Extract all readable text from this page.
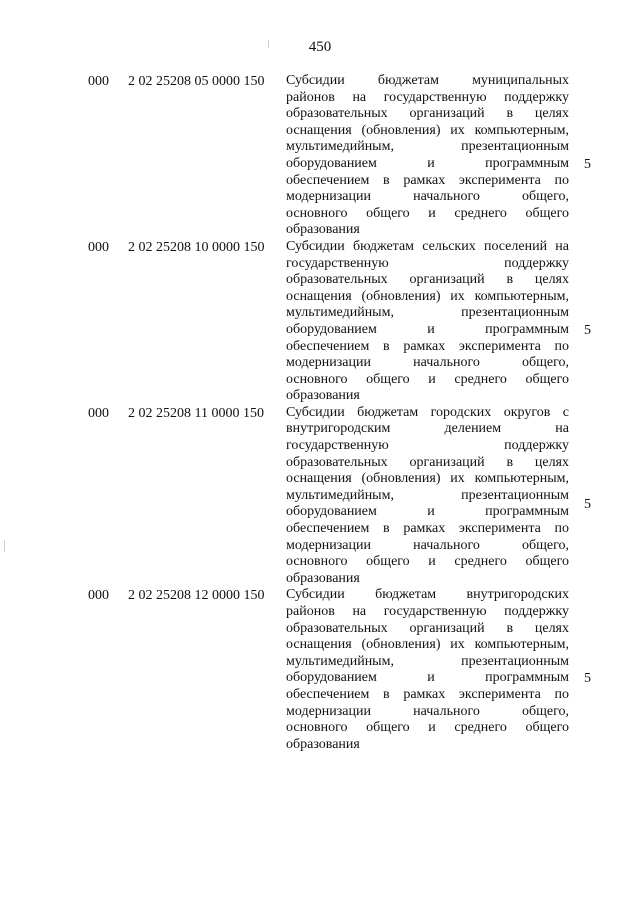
450
000 2 02 25208 05 0000 150 Субсидии бюджетам муниципальных
районов на государственную поддержку
образовательных организаций в целях
оснащения (обновления) их компьютерным,
мультимедийным, презентационным
оборудованием и программным
обеспечением в рамках эксперимента по
модернизации начального общего,
основного общего и среднего общего
образования
5
000 2 02 25208 10 0000 150 Субсидии бюджетам сельских поселений на
государственную поддержку
образовательных организаций в целях
оснащения (обновления) их компьютерным,
мультимедийным, презентационным
оборудованием и программным
обеспечением в рамках эксперимента по
модернизации начального общего,
основного общего и среднего общего
образования
5
000 2 02 25208 11 0000 150 Субсидии бюджетам городских округов с
внутригородским делением на
государственную поддержку
образовательных организаций в целях
оснащения (обновления) их компьютерным,
мультимедийным, презентационным
оборудованием и программным
обеспечением в рамках эксперимента по
модернизации начального общего,
основного общего и среднего общего
образования
5
000 2 02 25208 12 0000 150 Субсидии бюджетам внутригородских
районов на государственную поддержку
образовательных организаций в целях
оснащения (обновления) их компьютерным,
мультимедийным, презентационным
оборудованием и программным
обеспечением в рамках эксперимента по
модернизации начального общего,
основного общего и среднего общего
образования
5
